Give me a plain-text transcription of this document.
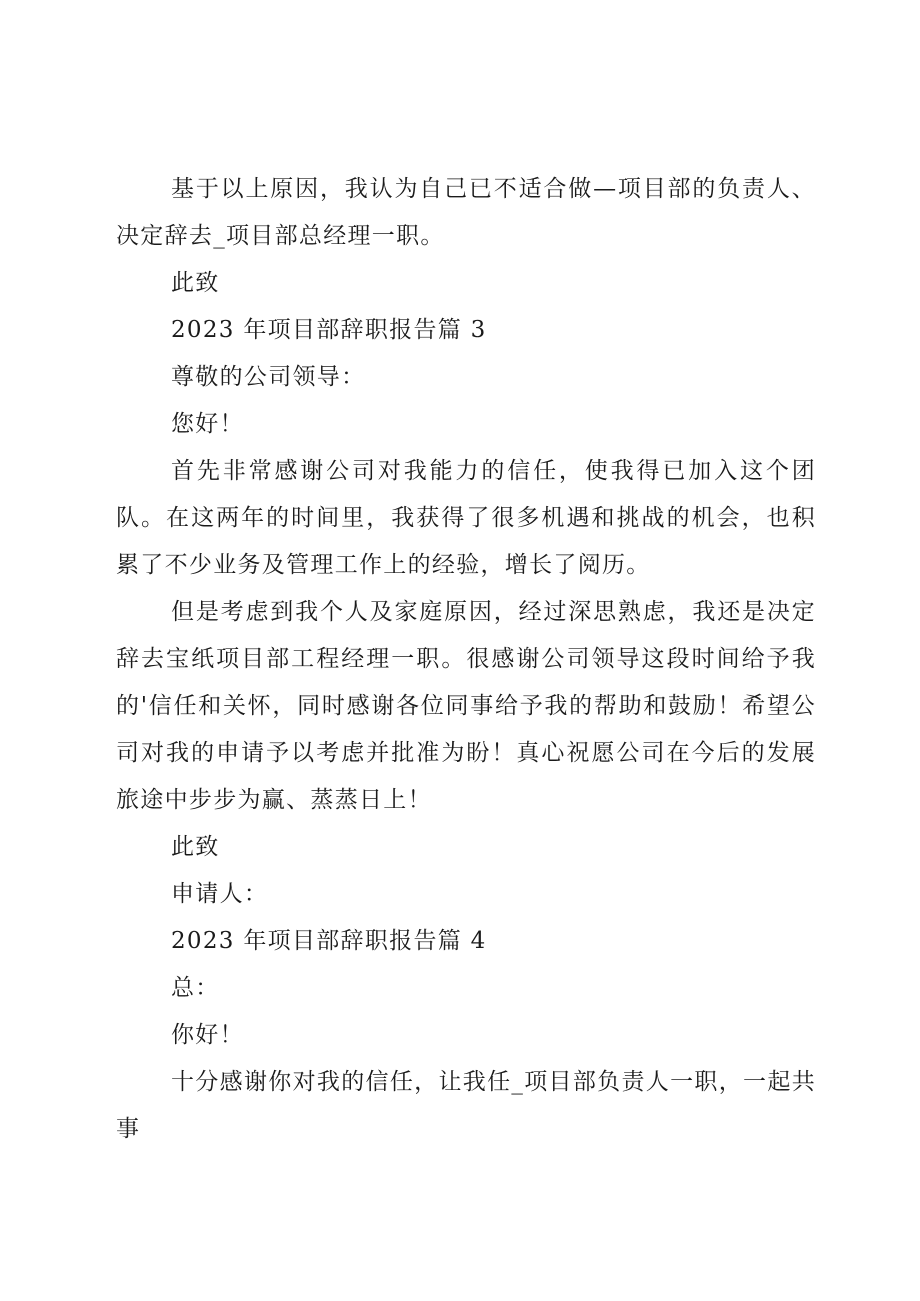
基于以上原因，我认为自己已不适合做—项目部的负责人、决定辞去_项目部总经理一职。

此致

2023 年项目部辞职报告篇 3

尊敬的公司领导：

您好！

首先非常感谢公司对我能力的信任，使我得已加入这个团队。在这两年的时间里，我获得了很多机遇和挑战的机会，也积累了不少业务及管理工作上的经验，增长了阅历。

但是考虑到我个人及家庭原因，经过深思熟虑，我还是决定辞去宝纸项目部工程经理一职。很感谢公司领导这段时间给予我的'信任和关怀，同时感谢各位同事给予我的帮助和鼓励！希望公司对我的申请予以考虑并批准为盼！真心祝愿公司在今后的发展旅途中步步为赢、蒸蒸日上！

此致

申请人：

2023 年项目部辞职报告篇 4

总：

你好！

十分感谢你对我的信任，让我任_项目部负责人一职，一起共事
